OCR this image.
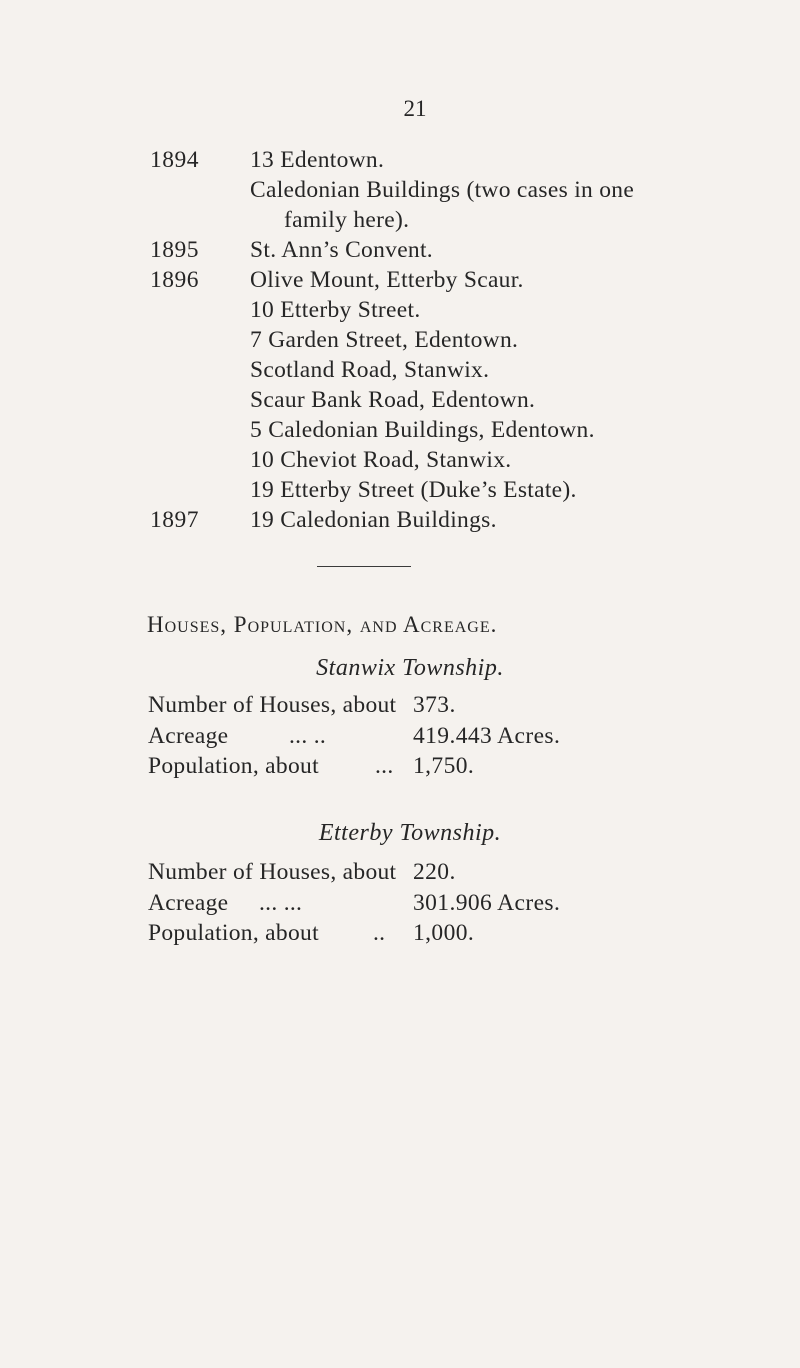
21
1894	13 Edentown.
Caledonian Buildings (two cases in one
family here).
1895	St. Ann’s Convent.
1896	Olive Mount, Etterby Scaur.
10 Etterby Street.
7 Garden Street, Edentown.
Scotland Road, Stanwix.
Scaur Bank Road, Edentown.
5 Caledonian Buildings, Edentown.
10 Cheviot Road, Stanwix.
19 Etterby Street (Duke’s Estate).
1897	19 Caledonian Buildings.
Houses, Population, and Acreage.
Stanwix Township.
Number of Houses, about 373.
Acreage	... ..	419.443 Acres.
Population, about ... 1,750.
Etterby Township.
Number of Houses, about 220.
Acreage ... ...	301.906 Acres.
Population, about .. 1,000.
